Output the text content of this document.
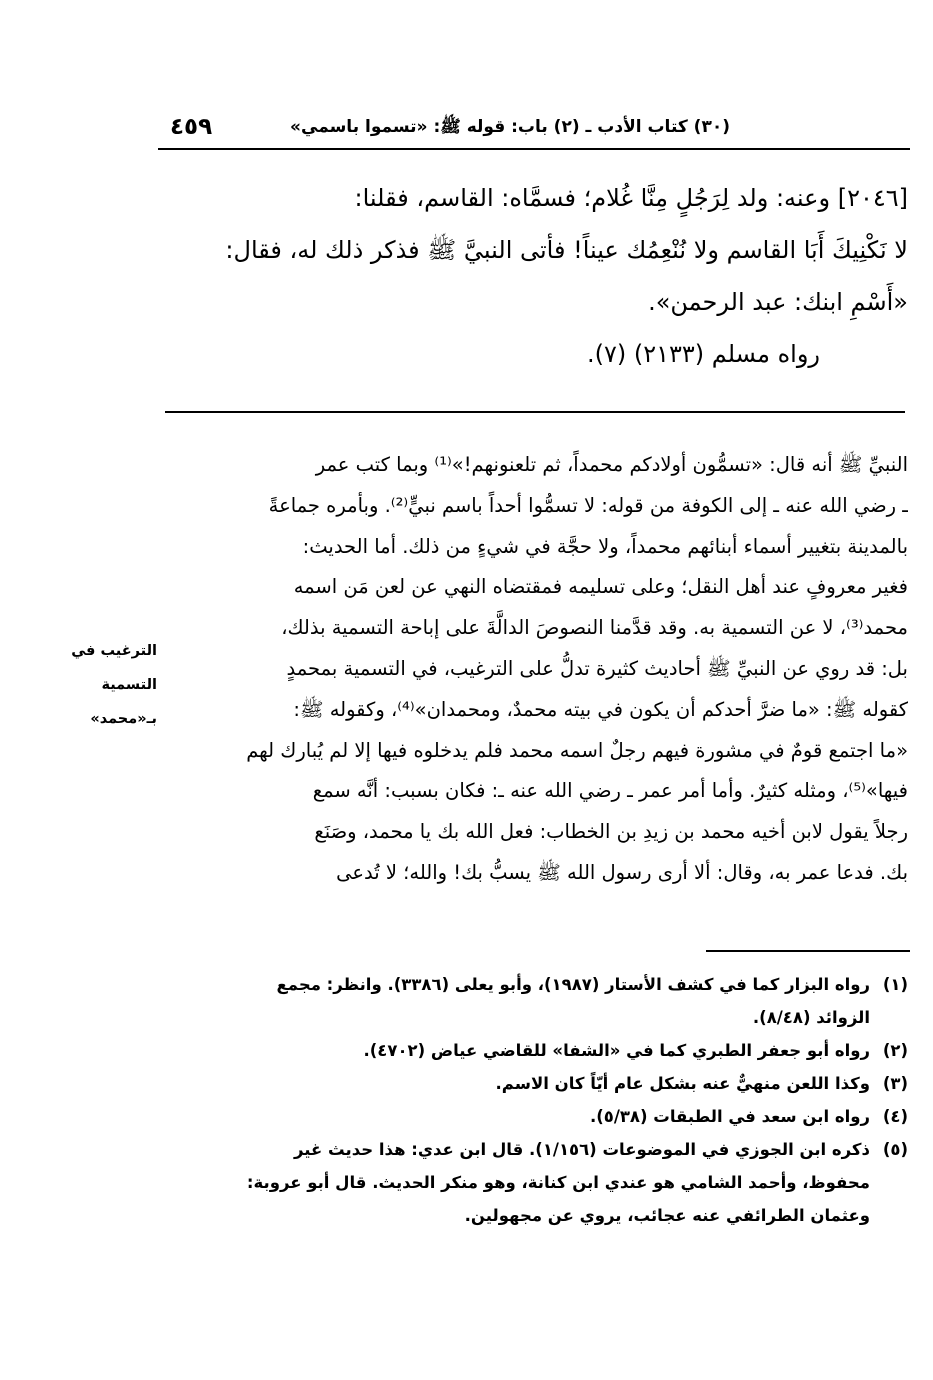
٤٥٩	(٣٠) كتاب الأدب ـ (٢) باب: قوله ﷺ: «تسموا باسمي»

[٢٠٤٦] وعنه: ولد لِرَجُلٍ مِنَّا غُلام؛ فسمَّاه: القاسم، فقلنا:

لا نَكْنِيكَ أَبَا القاسم ولا نُنْعِمُك عيناً! فأتى النبيَّ ﷺ فذكر ذلك له، فقال:

«أَسْمِ ابنك: عبد الرحمن».

رواه مسلم (٢١٣٣) (٧).

النبيِّ ﷺ أنه قال: «تسمُّون أولادكم محمداً، ثم تلعنونهم!»⁽¹⁾ وبما كتب عمر
ـ رضي الله عنه ـ إلى الكوفة من قوله: لا تسمُّوا أحداً باسم نبيٍّ⁽²⁾. وبأمره جماعةً
بالمدينة بتغيير أسماء أبنائهم محمداً، ولا حجَّة في شيءٍ من ذلك. أما الحديث:
فغير معروفٍ عند أهل النقل؛ وعلى تسليمه فمقتضاه النهي عن لعن مَن اسمه
محمد⁽³⁾، لا عن التسمية به. وقد قدَّمنا النصوصَ الدالَّةَ على إباحة التسمية بذلك،
بل: قد روي عن النبيِّ ﷺ أحاديث كثيرة تدلُّ على الترغيب، في التسمية بمحمدٍ
كقوله ﷺ: «ما ضرَّ أحدكم أن يكون في بيته محمدٌ، ومحمدان»⁽⁴⁾، وكقوله ﷺ:
«ما اجتمع قومٌ في مشورة فيهم رجلٌ اسمه محمد فلم يدخلوه فيها إلا لم يُبارك لهم
فيها»⁽⁵⁾، ومثله كثيرٌ. وأما أمر عمر ـ رضي الله عنه ـ: فكان بسبب: أنَّه سمع
رجلاً يقول لابن أخيه محمد بن زيدِ بن الخطاب: فعل الله بك يا محمد، وصَنَع
بك. فدعا عمر به، وقال: ألا أرى رسول الله ﷺ يسبُّ بك! والله؛ لا تُدعى
الترغيب في
التسمية
بـ«محمد»
(١)رواه البزار كما في كشف الأستار (١٩٨٧)، وأبو يعلى (٣٣٨٦). وانظر: مجمع
الزوائد (٨/٤٨).
(٢)رواه أبو جعفر الطبري كما في «الشفا» للقاضي عياض (٤٧٠٢).
(٣)وكذا اللعن منهيٌّ عنه بشكل عام أيّاً كان الاسم.
(٤)رواه ابن سعد في الطبقات (٥/٣٨).
(٥)ذكره ابن الجوزي في الموضوعات (١/١٥٦). قال ابن عدي: هذا حديث غير
محفوظ، وأحمد الشامي هو عندي ابن كنانة، وهو منكر الحديث. قال أبو عروبة:
وعثمان الطرائفي عنه عجائب، يروي عن مجهولين.
